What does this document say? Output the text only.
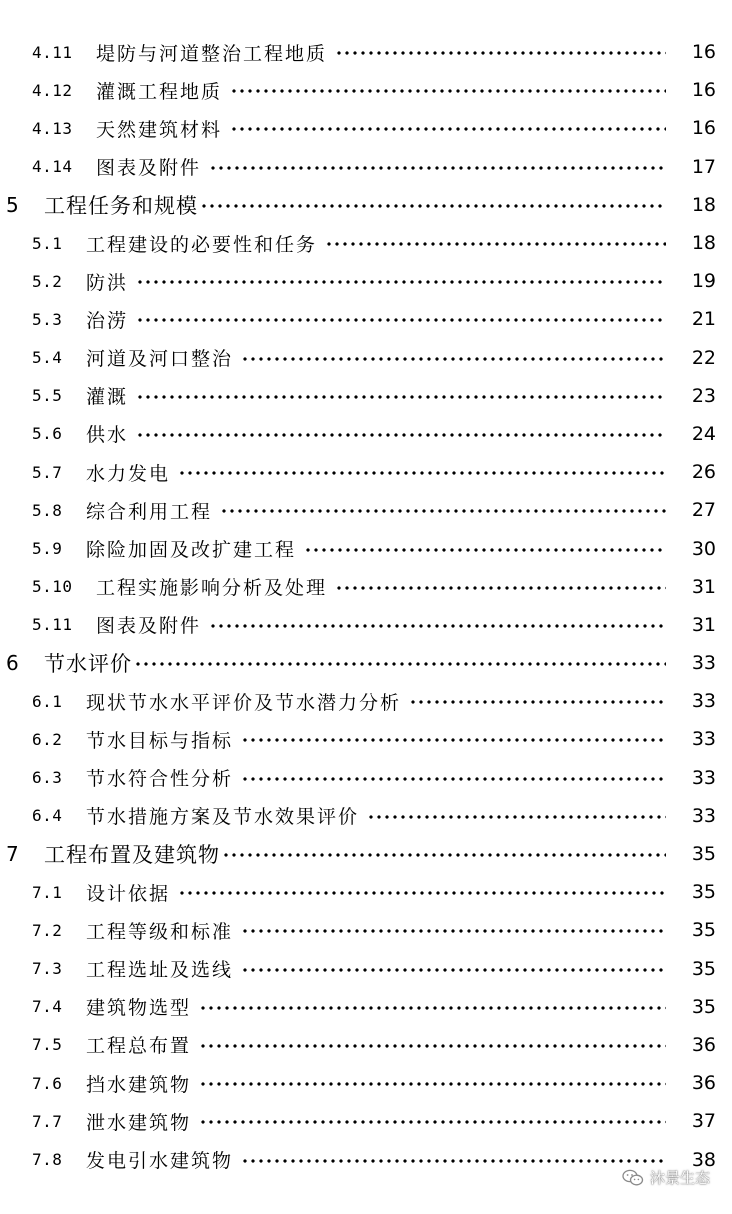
4.11	堤防与河道整治工程地质	16
4.12	灌溉工程地质	16
4.13	天然建筑材料	16
4.14	图表及附件	17
5	工程任务和规模	18
5.1	工程建设的必要性和任务	18
5.2	防洪	19
5.3	治涝	21
5.4	河道及河口整治	22
5.5	灌溉	23
5.6	供水	24
5.7	水力发电	26
5.8	综合利用工程	27
5.9	除险加固及改扩建工程	30
5.10	工程实施影响分析及处理	31
5.11	图表及附件	31
6	节水评价	33
6.1	现状节水水平评价及节水潜力分析	33
6.2	节水目标与指标	33
6.3	节水符合性分析	33
6.4	节水措施方案及节水效果评价	33
7	工程布置及建筑物	35
7.1	设计依据	35
7.2	工程等级和标准	35
7.3	工程选址及选线	35
7.4	建筑物选型	35
7.5	工程总布置	36
7.6	挡水建筑物	36
7.7	泄水建筑物	37
7.8	发电引水建筑物	38
沐景生态
